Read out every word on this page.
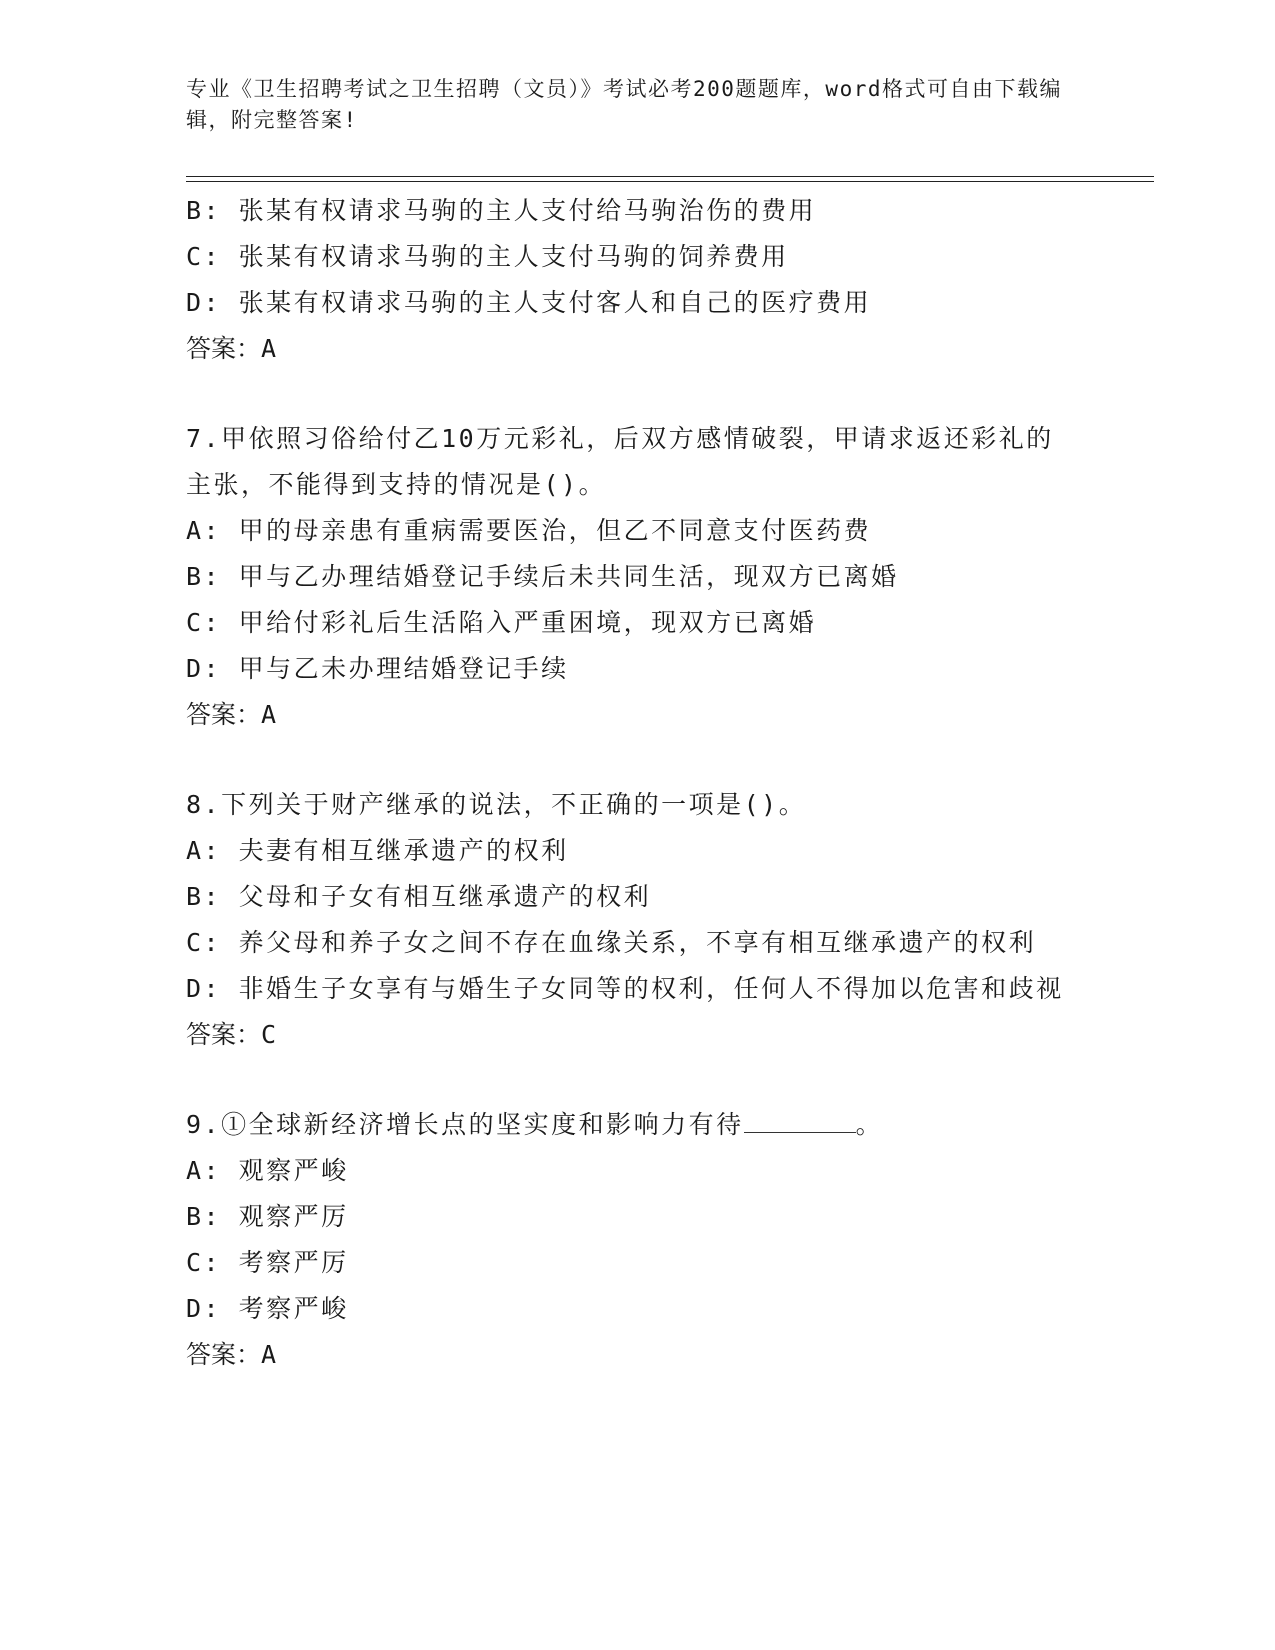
专业《卫生招聘考试之卫生招聘（文员）》考试必考200题题库，word格式可自由下载编辑，附完整答案!
B: 张某有权请求马驹的主人支付给马驹治伤的费用
C: 张某有权请求马驹的主人支付马驹的饲养费用
D: 张某有权请求马驹的主人支付客人和自己的医疗费用
答案：A
7.甲依照习俗给付乙10万元彩礼，后双方感情破裂，甲请求返还彩礼的主张，不能得到支持的情况是()。
A: 甲的母亲患有重病需要医治，但乙不同意支付医药费
B: 甲与乙办理结婚登记手续后未共同生活，现双方已离婚
C: 甲给付彩礼后生活陷入严重困境，现双方已离婚
D: 甲与乙未办理结婚登记手续
答案：A
8.下列关于财产继承的说法，不正确的一项是()。
A: 夫妻有相互继承遗产的权利
B: 父母和子女有相互继承遗产的权利
C: 养父母和养子女之间不存在血缘关系，不享有相互继承遗产的权利
D: 非婚生子女享有与婚生子女同等的权利，任何人不得加以危害和歧视
答案：C
9.①全球新经济增长点的坚实度和影响力有待	。
A: 观察严峻
B: 观察严厉
C: 考察严厉
D: 考察严峻
答案：A
